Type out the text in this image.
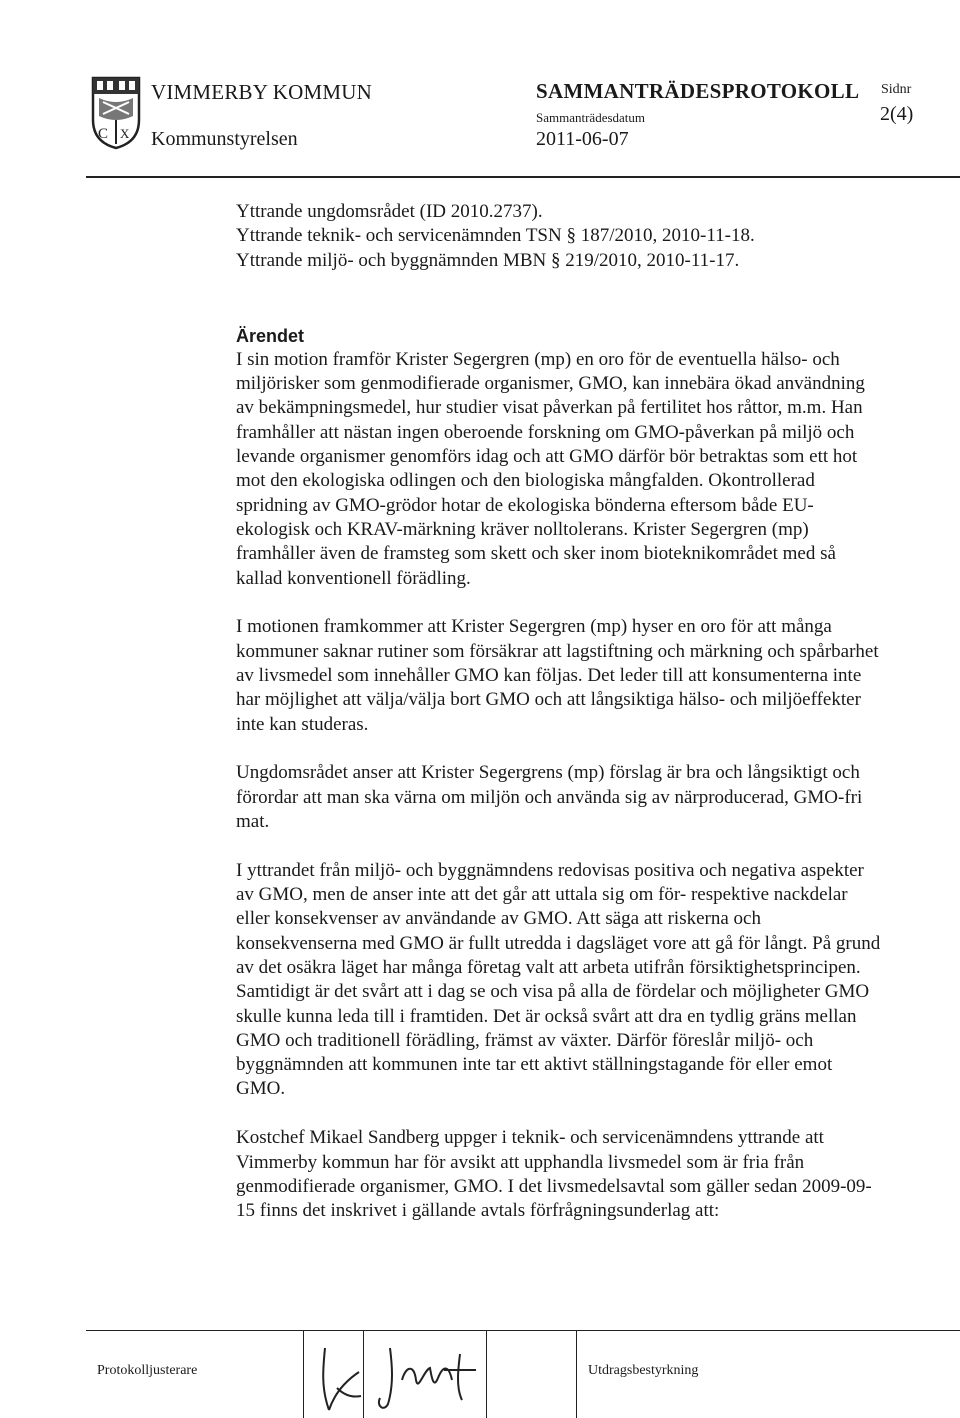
C X
VIMMERBY KOMMUN
Kommunstyrelsen
SAMMANTRÄDESPROTOKOLL
Sammanträdesdatum
2011-06-07
Sidnr
2(4)

Yttrande ungdomsrådet (ID 2010.2737).

Yttrande teknik- och servicenämnden TSN § 187/2010, 2010-11-18.

Yttrande miljö- och byggnämnden MBN § 219/2010, 2010-11-17.

Ärendet

I sin motion framför Krister Segergren (mp) en oro för de eventuella hälso- och miljörisker som genmodifierade organismer, GMO, kan innebära ökad användning av bekämpningsmedel, hur studier visat påverkan på fertilitet hos råttor, m.m. Han framhåller att nästan ingen oberoende forskning om GMO-påverkan på miljö och levande organismer genomförs idag och att GMO därför bör betraktas som ett hot mot den ekologiska odlingen och den biologiska mångfalden. Okontrollerad spridning av GMO-grödor hotar de ekologiska bönderna eftersom både EU-ekologisk och KRAV-märkning kräver nolltolerans. Krister Segergren (mp) framhåller även de framsteg som skett och sker inom bioteknikområdet med så kallad konventionell förädling.

I motionen framkommer att Krister Segergren (mp) hyser en oro för att många kommuner saknar rutiner som försäkrar att lagstiftning och märkning och spårbarhet av livsmedel som innehåller GMO kan följas. Det leder till att konsumenterna inte har möjlighet att välja/välja bort GMO och att långsiktiga hälso- och miljöeffekter inte kan studeras.

Ungdomsrådet anser att Krister Segergrens (mp) förslag är bra och långsiktigt och förordar att man ska värna om miljön och använda sig av närproducerad, GMO-fri mat.

I yttrandet från miljö- och byggnämndens redovisas positiva och negativa aspekter av GMO, men de anser inte att det går att uttala sig om för- respektive nackdelar eller konsekvenser av användande av GMO. Att säga att riskerna och konsekvenserna med GMO är fullt utredda i dagsläget vore att gå för långt. På grund av det osäkra läget har många företag valt att arbeta utifrån försiktighetsprincipen. Samtidigt är det svårt att i dag se och visa på alla de fördelar och möjligheter GMO skulle kunna leda till i framtiden. Det är också svårt att dra en tydlig gräns mellan GMO och traditionell förädling, främst av växter. Därför föreslår miljö- och byggnämnden att kommunen inte tar ett aktivt ställningstagande för eller emot GMO.

Kostchef Mikael Sandberg uppger i teknik- och servicenämndens yttrande att Vimmerby kommun har för avsikt att upphandla livsmedel som är fria från genmodifierade organismer, GMO. I det livsmedelsavtal som gäller sedan 2009-09-15 finns det inskrivet i gällande avtals förfrågningsunderlag att:

Protokolljusterare	Utdragsbestyrkning
